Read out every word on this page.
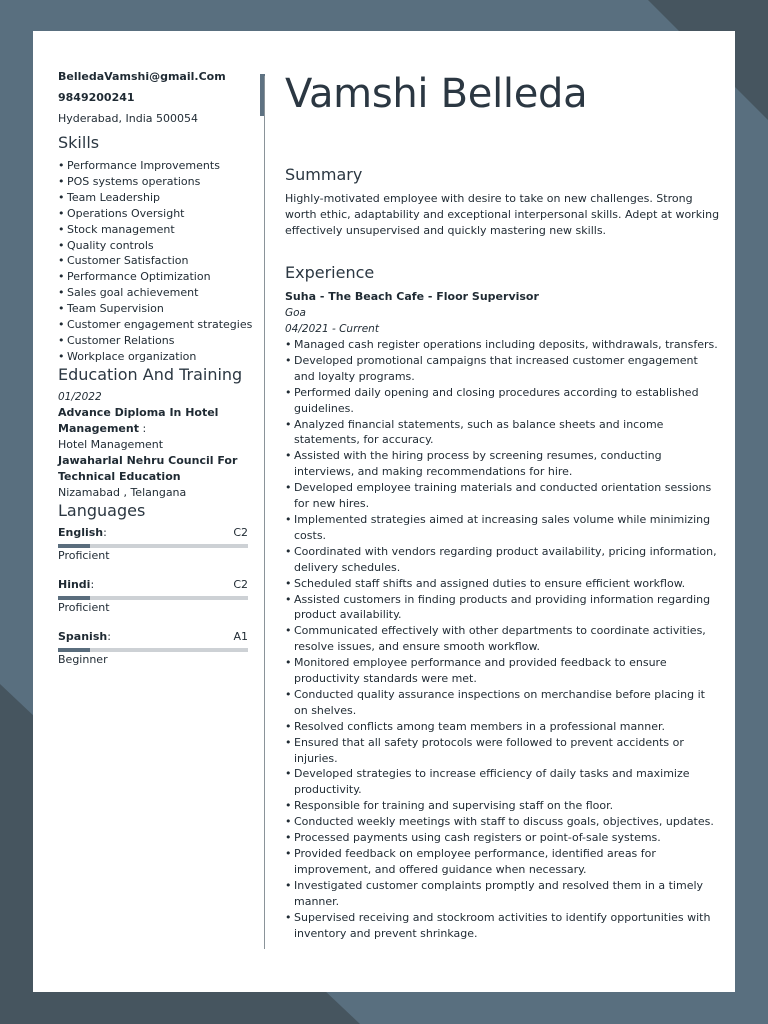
BelledaVamshi@gmail.Com
9849200241
Hyderabad, India 500054
Skills
• Performance Improvements
• POS systems operations
• Team Leadership
• Operations Oversight
• Stock management
• Quality controls
• Customer Satisfaction
• Performance Optimization
• Sales goal achievement
• Team Supervision
• Customer engagement strategies
• Customer Relations
• Workplace organization
Education And Training
01/2022
Advance Diploma In Hotel
Management :
Hotel Management
Jawaharlal Nehru Council For
Technical Education
Nizamabad , Telangana
Languages
English:	C2
Proficient
Hindi:	C2
Proficient
Spanish:	A1
Beginner
Vamshi Belleda
Summary
Highly-motivated employee with desire to take on new challenges. Strong worth ethic, adaptability and exceptional interpersonal skills. Adept at working effectively unsupervised and quickly mastering new skills.
Experience
Suha - The Beach Cafe - Floor Supervisor
Goa
04/2021 - Current
• Managed cash register operations including deposits, withdrawals, transfers.
• Developed promotional campaigns that increased customer engagement and loyalty programs.
• Performed daily opening and closing procedures according to established guidelines.
• Analyzed financial statements, such as balance sheets and income statements, for accuracy.
• Assisted with the hiring process by screening resumes, conducting interviews, and making recommendations for hire.
• Developed employee training materials and conducted orientation sessions for new hires.
• Implemented strategies aimed at increasing sales volume while minimizing costs.
• Coordinated with vendors regarding product availability, pricing information, delivery schedules.
• Scheduled staff shifts and assigned duties to ensure efficient workflow.
• Assisted customers in finding products and providing information regarding product availability.
• Communicated effectively with other departments to coordinate activities, resolve issues, and ensure smooth workflow.
• Monitored employee performance and provided feedback to ensure productivity standards were met.
• Conducted quality assurance inspections on merchandise before placing it on shelves.
• Resolved conflicts among team members in a professional manner.
• Ensured that all safety protocols were followed to prevent accidents or injuries.
• Developed strategies to increase efficiency of daily tasks and maximize productivity.
• Responsible for training and supervising staff on the floor.
• Conducted weekly meetings with staff to discuss goals, objectives, updates.
• Processed payments using cash registers or point-of-sale systems.
• Provided feedback on employee performance, identified areas for improvement, and offered guidance when necessary.
• Investigated customer complaints promptly and resolved them in a timely manner.
• Supervised receiving and stockroom activities to identify opportunities with inventory and prevent shrinkage.
